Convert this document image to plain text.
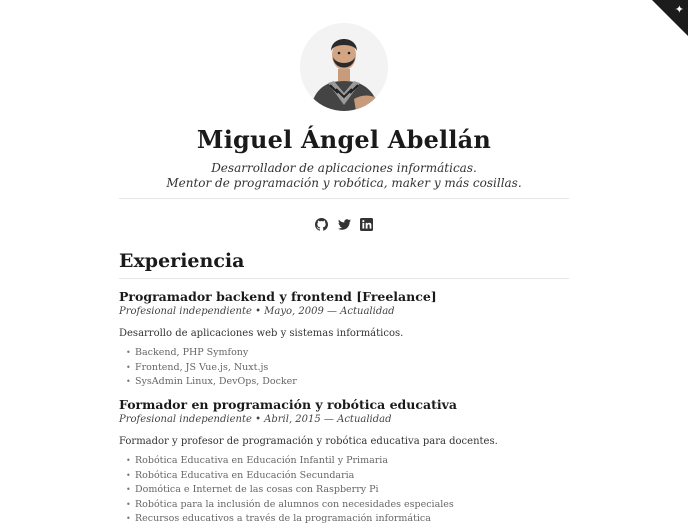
✦
Miguel Ángel Abellán
Desarrollador de aplicaciones informáticas.
Mentor de programación y robótica, maker y más cosillas.

Experiencia
Programador backend y frontend [Freelance]
Profesional independiente • Mayo, 2009 — Actualidad
Desarrollo de aplicaciones web y sistemas informáticos.
• Backend, PHP Symfony
• Frontend, JS Vue.js, Nuxt.js
• SysAdmin Linux, DevOps, Docker
Formador en programación y robótica educativa
Profesional independiente • Abril, 2015 — Actualidad
Formador y profesor de programación y robótica educativa para docentes.
• Robótica Educativa en Educación Infantil y Primaria
• Robótica Educativa en Educación Secundaria
• Domótica e Internet de las cosas con Raspberry Pi
• Robótica para la inclusión de alumnos con necesidades especiales
• Recursos educativos a través de la programación informática
